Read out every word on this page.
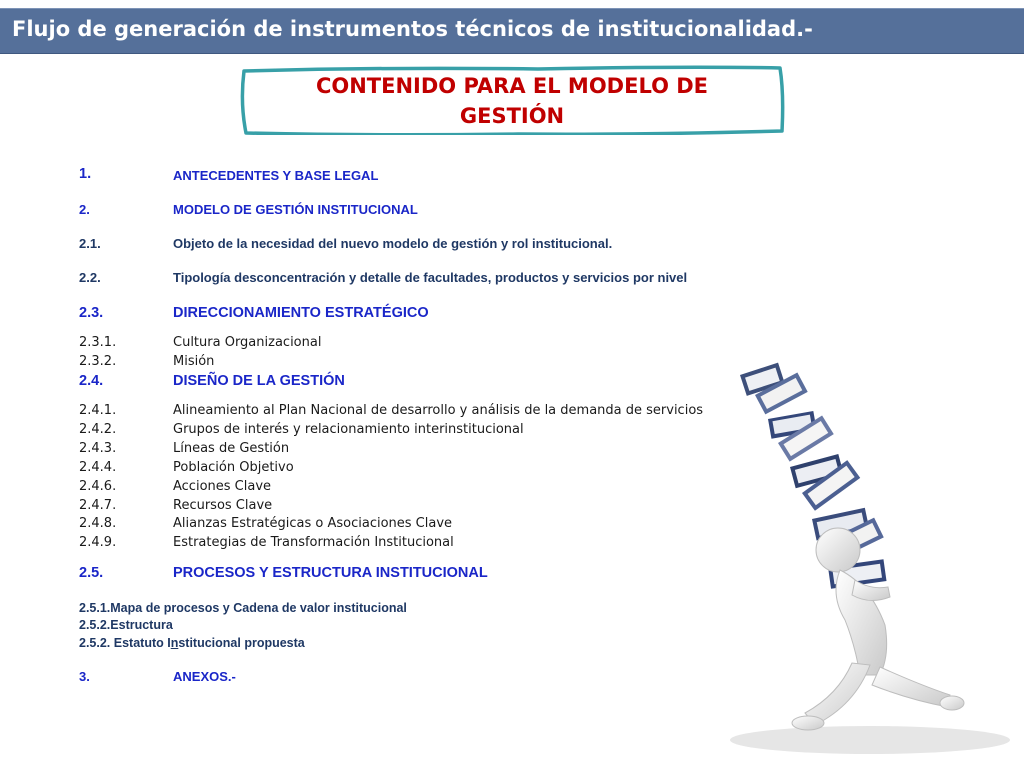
Flujo de generación de instrumentos técnicos de institucionalidad.-
CONTENIDO PARA EL MODELO DE
GESTIÓN
1.	ANTECEDENTES Y BASE LEGAL
2.	MODELO DE GESTIÓN INSTITUCIONAL
2.1.	Objeto de la necesidad del nuevo modelo de gestión y rol institucional.
2.2.	Tipología desconcentración y detalle de facultades, productos y servicios por nivel
2.3.	DIRECCIONAMIENTO ESTRATÉGICO
2.3.1.	Cultura Organizacional
2.3.2.	Misión
2.4.	DISEÑO DE LA GESTIÓN
2.4.1.	Alineamiento al Plan Nacional de desarrollo y análisis de la demanda de servicios
2.4.2.	Grupos de interés y relacionamiento interinstitucional
2.4.3.	Líneas de Gestión
2.4.4.	Población Objetivo
2.4.6.	Acciones Clave
2.4.7.	Recursos Clave
2.4.8.	Alianzas Estratégicas o Asociaciones Clave
2.4.9.	Estrategias de Transformación Institucional
2.5.	PROCESOS Y ESTRUCTURA INSTITUCIONAL
2.5.1.Mapa de procesos y Cadena de valor institucional
2.5.2.Estructura
2.5.2. Estatuto Institucional propuesta
3.	ANEXOS.-
